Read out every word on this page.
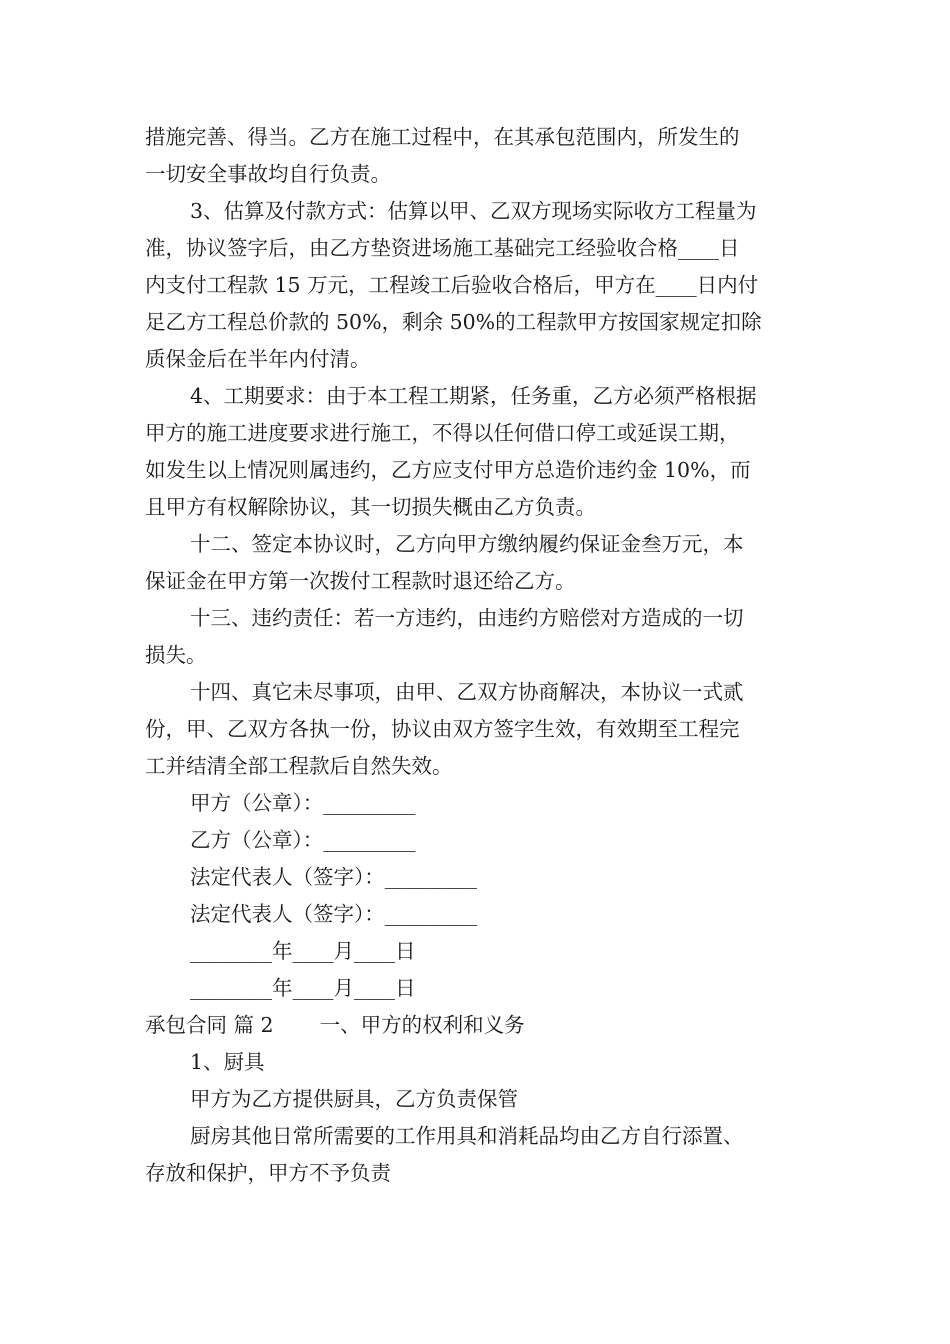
措施完善、得当。乙方在施工过程中，在其承包范围内，所发生的
一切安全事故均自行负责。
3、估算及付款方式：估算以甲、乙双方现场实际收方工程量为
准，协议签字后，由乙方垫资进场施工基础完工经验收合格____日
内支付工程款 15 万元，工程竣工后验收合格后，甲方在____日内付
足乙方工程总价款的 50%，剩余 50%的工程款甲方按国家规定扣除
质保金后在半年内付清。
4、工期要求：由于本工程工期紧，任务重，乙方必须严格根据
甲方的施工进度要求进行施工，不得以任何借口停工或延误工期，
如发生以上情况则属违约，乙方应支付甲方总造价违约金 10%，而
且甲方有权解除协议，其一切损失概由乙方负责。
十二、签定本协议时，乙方向甲方缴纳履约保证金叁万元，本
保证金在甲方第一次拨付工程款时退还给乙方。
十三、违约责任：若一方违约，由违约方赔偿对方造成的一切
损失。
十四、真它未尽事项，由甲、乙双方协商解决，本协议一式贰
份，甲、乙双方各执一份，协议由双方签字生效，有效期至工程完
工并结清全部工程款后自然失效。
甲方（公章）：_________
乙方（公章）：_________
法定代表人（签字）：_________
法定代表人（签字）：_________
________年____月____日
________年____月____日
承包合同 篇 2 一、甲方的权利和义务
1、厨具
甲方为乙方提供厨具，乙方负责保管
厨房其他日常所需要的工作用具和消耗品均由乙方自行添置、
存放和保护，甲方不予负责
